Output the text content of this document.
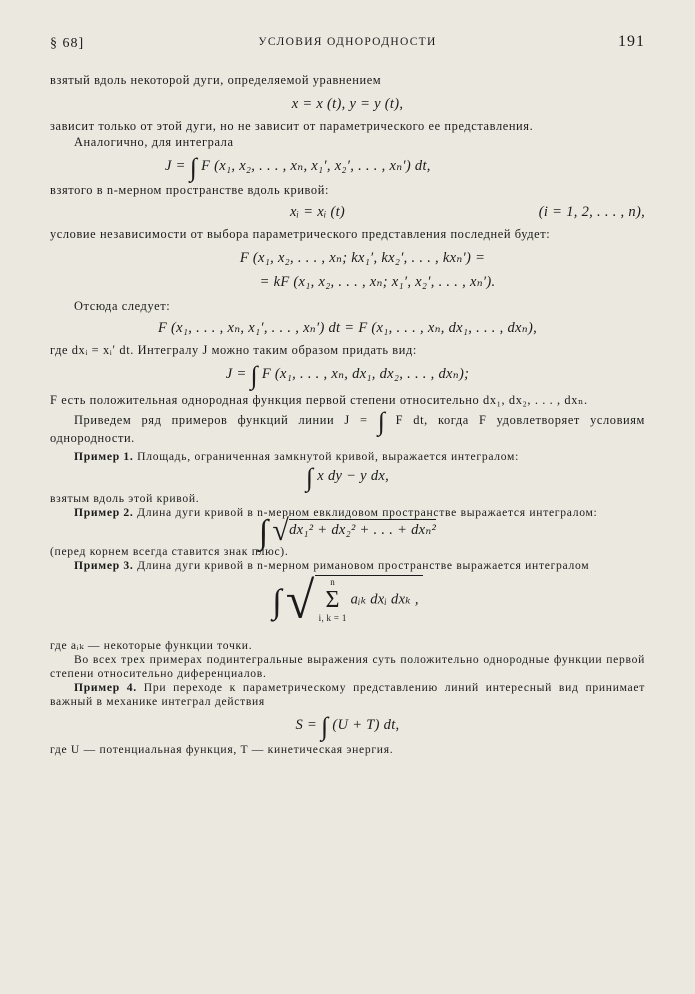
§ 68]	УСЛОВИЯ ОДНОРОДНОСТИ	191

взятый вдоль некоторой дуги, определяемой уравнением

x = x (t), y = y (t),

зависит только от этой дуги, но не зависит от параметрического ее представления.

Аналогично, для интеграла

J = ∫ F (x₁, x₂, . . . , xₙ, x₁′, x₂′, . . . , xₙ′) dt,

взятого в n-мерном пространстве вдоль кривой:

xᵢ = xᵢ (t)	(i = 1, 2, . . . , n),

условие независимости от выбора параметрического представления последней будет:

F (x₁, x₂, . . . , xₙ; kx₁′, kx₂′, . . . , kxₙ′) =

= kF (x₁, x₂, . . . , xₙ; x₁′, x₂′, . . . , xₙ′).

Отсюда следует:

F (x₁, . . . , xₙ, x₁′, . . . , xₙ′) dt = F (x₁, . . . , xₙ, dx₁, . . . , dxₙ),

где dxᵢ = xᵢ′ dt. Интегралу J можно таким образом придать вид:

J = ∫ F (x₁, . . . , xₙ, dx₁, dx₂, . . . , dxₙ);

F есть положительная однородная функция первой степени относительно dx₁, dx₂, . . . , dxₙ.

Приведем ряд примеров функций линии J = ∫ F dt, когда F удовлетворяет условиям однородности.

Пример 1. Площадь, ограниченная замкнутой кривой, выражается интегралом:

∫ x dy − y dx,

взятым вдоль этой кривой.

Пример 2. Длина дуги кривой в n-мерном евклидовом пространстве выражается интегралом:

∫ √dx₁² + dx₂² + . . . + dxₙ²

(перед корнем всегда ставится знак плюс).

Пример 3. Длина дуги кривой в n-мерном римановом пространстве выражается интегралом

∫ √	n
Σ
i, k = 1
aᵢₖ dxᵢ dxₖ ,

где aᵢₖ — некоторые функции точки.

Во всех трех примерах подинтегральные выражения суть положительно однородные функции первой степени относительно диференциалов.

Пример 4. При переходе к параметрическому представлению линий интересный вид принимает важный в механике интеграл действия

S = ∫ (U + T) dt,

где U — потенциальная функция, T — кинетическая энергия.
